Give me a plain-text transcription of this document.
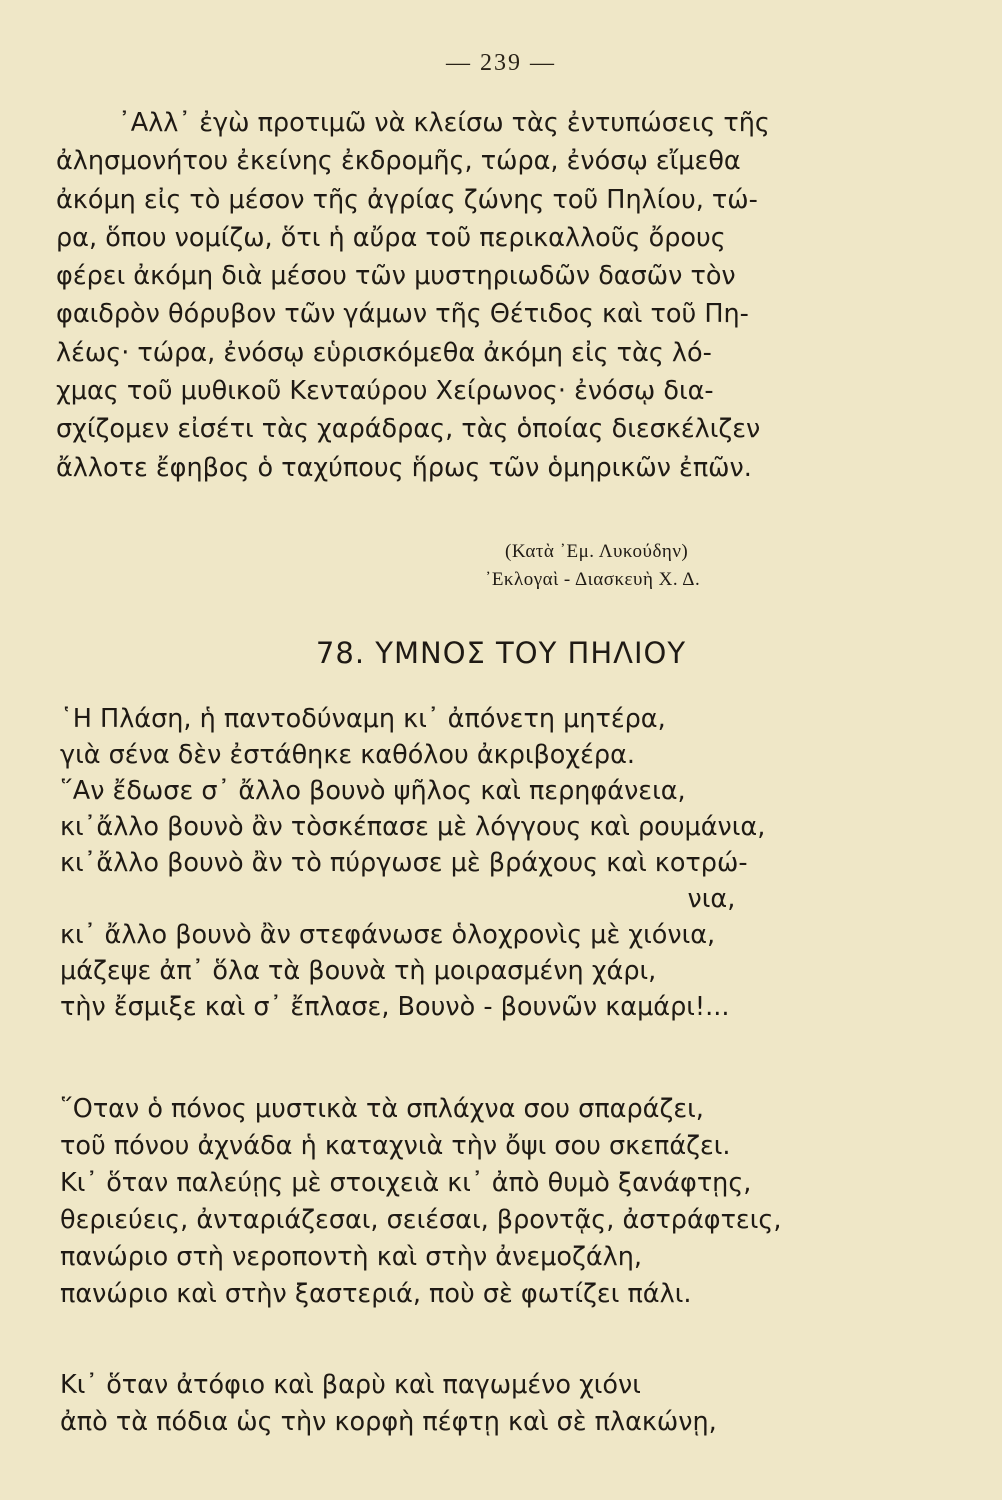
— 239 —
᾿Αλλ᾿ ἐγὼ προτιμῶ νὰ κλείσω τὰς ἐντυπώσεις τῆς
ἀλησμονήτου ἐκείνης ἐκδρομῆς, τώρα, ἐνόσῳ εἴμεθα
ἀκόμη εἰς τὸ μέσον τῆς ἀγρίας ζώνης τοῦ Πηλίου, τώ-
ρα, ὅπου νομίζω, ὅτι ἡ αὔρα τοῦ περικαλλοῦς ὄρους
φέρει ἀκόμη διὰ μέσου τῶν μυστηριωδῶν δασῶν τὸν
φαιδρὸν θόρυβον τῶν γάμων τῆς Θέτιδος καὶ τοῦ Πη-
λέως· τώρα, ἐνόσῳ εὑρισκόμεθα ἀκόμη εἰς τὰς λό-
χμας τοῦ μυθικοῦ Κενταύρου Χείρωνος· ἐνόσῳ δια-
σχίζομεν εἰσέτι τὰς χαράδρας, τὰς ὁποίας διεσκέλιζεν
ἄλλοτε ἔφηβος ὁ ταχύπους ἥρως τῶν ὁμηρικῶν ἐπῶν.
(Κατὰ ᾿Εμ. Λυκούδην)
᾿Εκλογαὶ - Διασκευὴ Χ. Δ.
78. ΥΜΝΟΣ ΤΟΥ ΠΗΛΙΟΥ
῾Η Πλάση, ἡ παντοδύναμη κι᾿ ἀπόνετη μητέρα,
γιὰ σένα δὲν ἐστάθηκε καθόλου ἀκριβοχέρα.
῞Αν ἔδωσε σ᾿ ἄλλο βουνὸ ψῆλος καὶ περηφάνεια,
κι᾿ἄλλο βουνὸ ἂν τὸσκέπασε μὲ λόγγους καὶ ρουμάνια,
κι᾿ἄλλο βουνὸ ἂν τὸ πύργωσε μὲ βράχους καὶ κοτρώ-
νια,
κι᾿ ἄλλο βουνὸ ἂν στεφάνωσε ὁλοχρονὶς μὲ χιόνια,
μάζεψε ἀπ᾿ ὅλα τὰ βουνὰ τὴ μοιρασμένη χάρι,
τὴν ἔσμιξε καὶ σ᾿ ἔπλασε, Βουνὸ - βουνῶν καμάρι!...
῞Οταν ὁ πόνος μυστικὰ τὰ σπλάχνα σου σπαράζει,
τοῦ πόνου ἀχνάδα ἡ καταχνιὰ τὴν ὄψι σου σκεπάζει.
Κι᾿ ὅταν παλεύῃς μὲ στοιχειὰ κι᾿ ἀπὸ θυμὸ ξανάφτῃς,
θεριεύεις, ἀνταριάζεσαι, σειέσαι, βροντᾷς, ἀστράφτεις,
πανώριο στὴ νεροποντὴ καὶ στὴν ἀνεμοζάλη,
πανώριο καὶ στὴν ξαστεριά, ποὺ σὲ φωτίζει πάλι.
Κι᾿ ὅταν ἀτόφιο καὶ βαρὺ καὶ παγωμένο χιόνι
ἀπὸ τὰ πόδια ὡς τὴν κορφὴ πέφτῃ καὶ σὲ πλακώνῃ,
